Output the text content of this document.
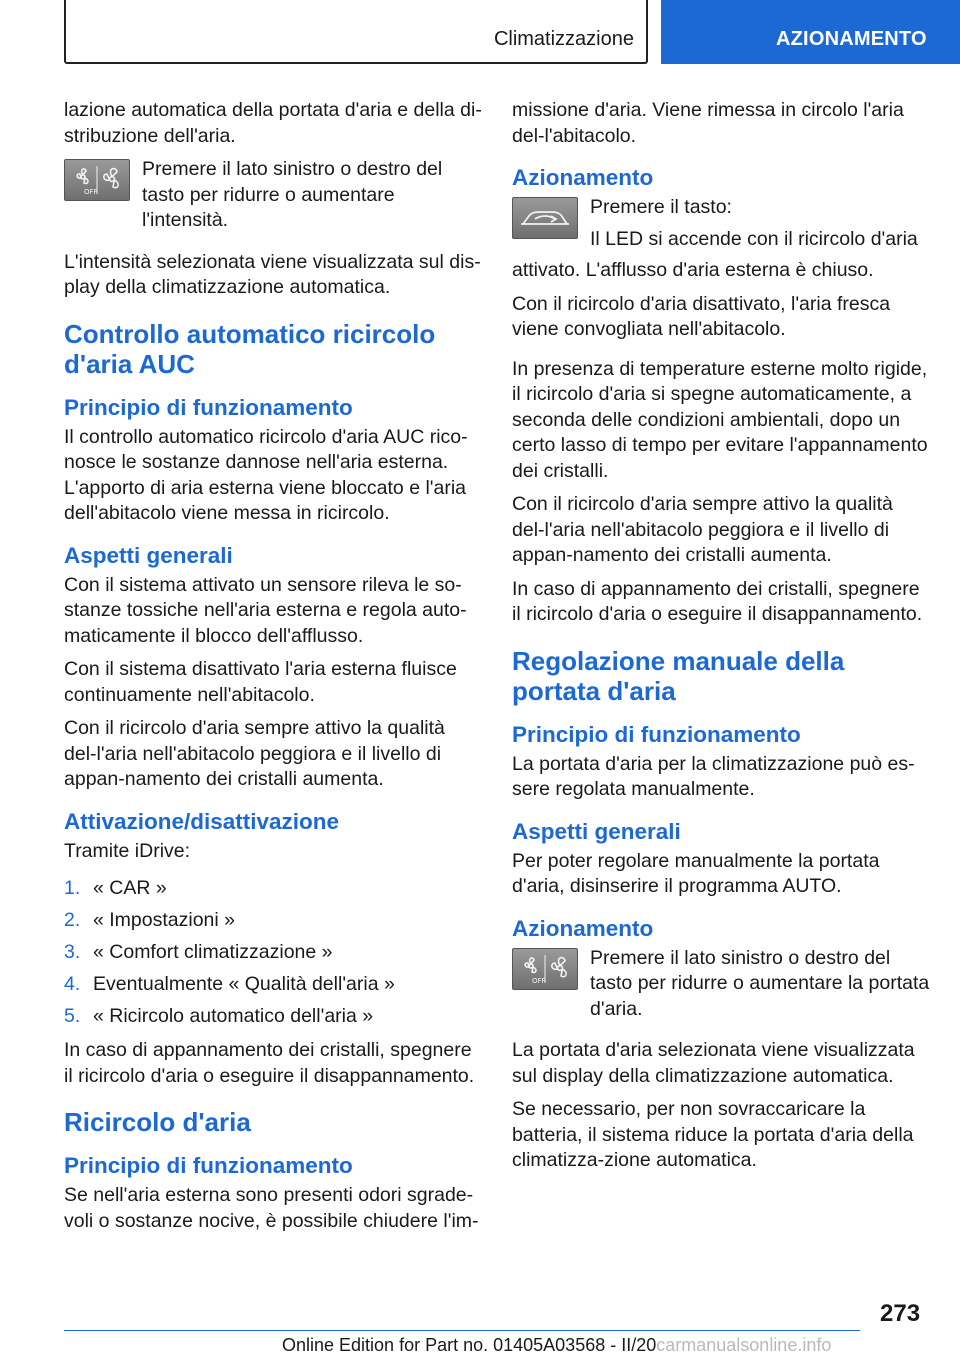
Climatizzazione	AZIONAMENTO

lazione automatica della portata d'aria e della di-stribuzione dell'aria.

OFF

Premere il lato sinistro o destro del tasto per ridurre o aumentare l'intensità.

L'intensità selezionata viene visualizzata sul dis-play della climatizzazione automatica.

Controllo automatico ricircolo d'aria AUC
Principio di funzionamento

Il controllo automatico ricircolo d'aria AUC rico-nosce le sostanze dannose nell'aria esterna. L'apporto di aria esterna viene bloccato e l'aria dell'abitacolo viene messa in ricircolo.

Aspetti generali

Con il sistema attivato un sensore rileva le so-stanze tossiche nell'aria esterna e regola auto-maticamente il blocco dell'afflusso.

Con il sistema disattivato l'aria esterna fluisce continuamente nell'abitacolo.

Con il ricircolo d'aria sempre attivo la qualità del-l'aria nell'abitacolo peggiora e il livello di appan-namento dei cristalli aumenta.

Attivazione/disattivazione

Tramite iDrive:

1. « CAR »
2. « Impostazioni »
3. « Comfort climatizzazione »
4. Eventualmente « Qualità dell'aria »
5. « Ricircolo automatico dell'aria »

In caso di appannamento dei cristalli, spegnere il ricircolo d'aria o eseguire il disappannamento.

Ricircolo d'aria
Principio di funzionamento

Se nell'aria esterna sono presenti odori sgrade-voli o sostanze nocive, è possibile chiudere l'im-

missione d'aria. Viene rimessa in circolo l'aria del-l'abitacolo.

Azionamento

Premere il tasto:

Il LED si accende con il ricircolo d'aria

attivato. L'afflusso d'aria esterna è chiuso.

Con il ricircolo d'aria disattivato, l'aria fresca viene convogliata nell'abitacolo.

In presenza di temperature esterne molto rigide, il ricircolo d'aria si spegne automaticamente, a seconda delle condizioni ambientali, dopo un certo lasso di tempo per evitare l'appannamento dei cristalli.

Con il ricircolo d'aria sempre attivo la qualità del-l'aria nell'abitacolo peggiora e il livello di appan-namento dei cristalli aumenta.

In caso di appannamento dei cristalli, spegnere il ricircolo d'aria o eseguire il disappannamento.

Regolazione manuale della portata d'aria
Principio di funzionamento

La portata d'aria per la climatizzazione può es-sere regolata manualmente.

Aspetti generali

Per poter regolare manualmente la portata d'aria, disinserire il programma AUTO.

Azionamento
OFF

Premere il lato sinistro o destro del tasto per ridurre o aumentare la portata d'aria.

La portata d'aria selezionata viene visualizzata sul display della climatizzazione automatica.

Se necessario, per non sovraccaricare la batteria, il sistema riduce la portata d'aria della climatizza-zione automatica.

273
Online Edition for Part no. 01405A03568 - II/20carmanualsonline.info
